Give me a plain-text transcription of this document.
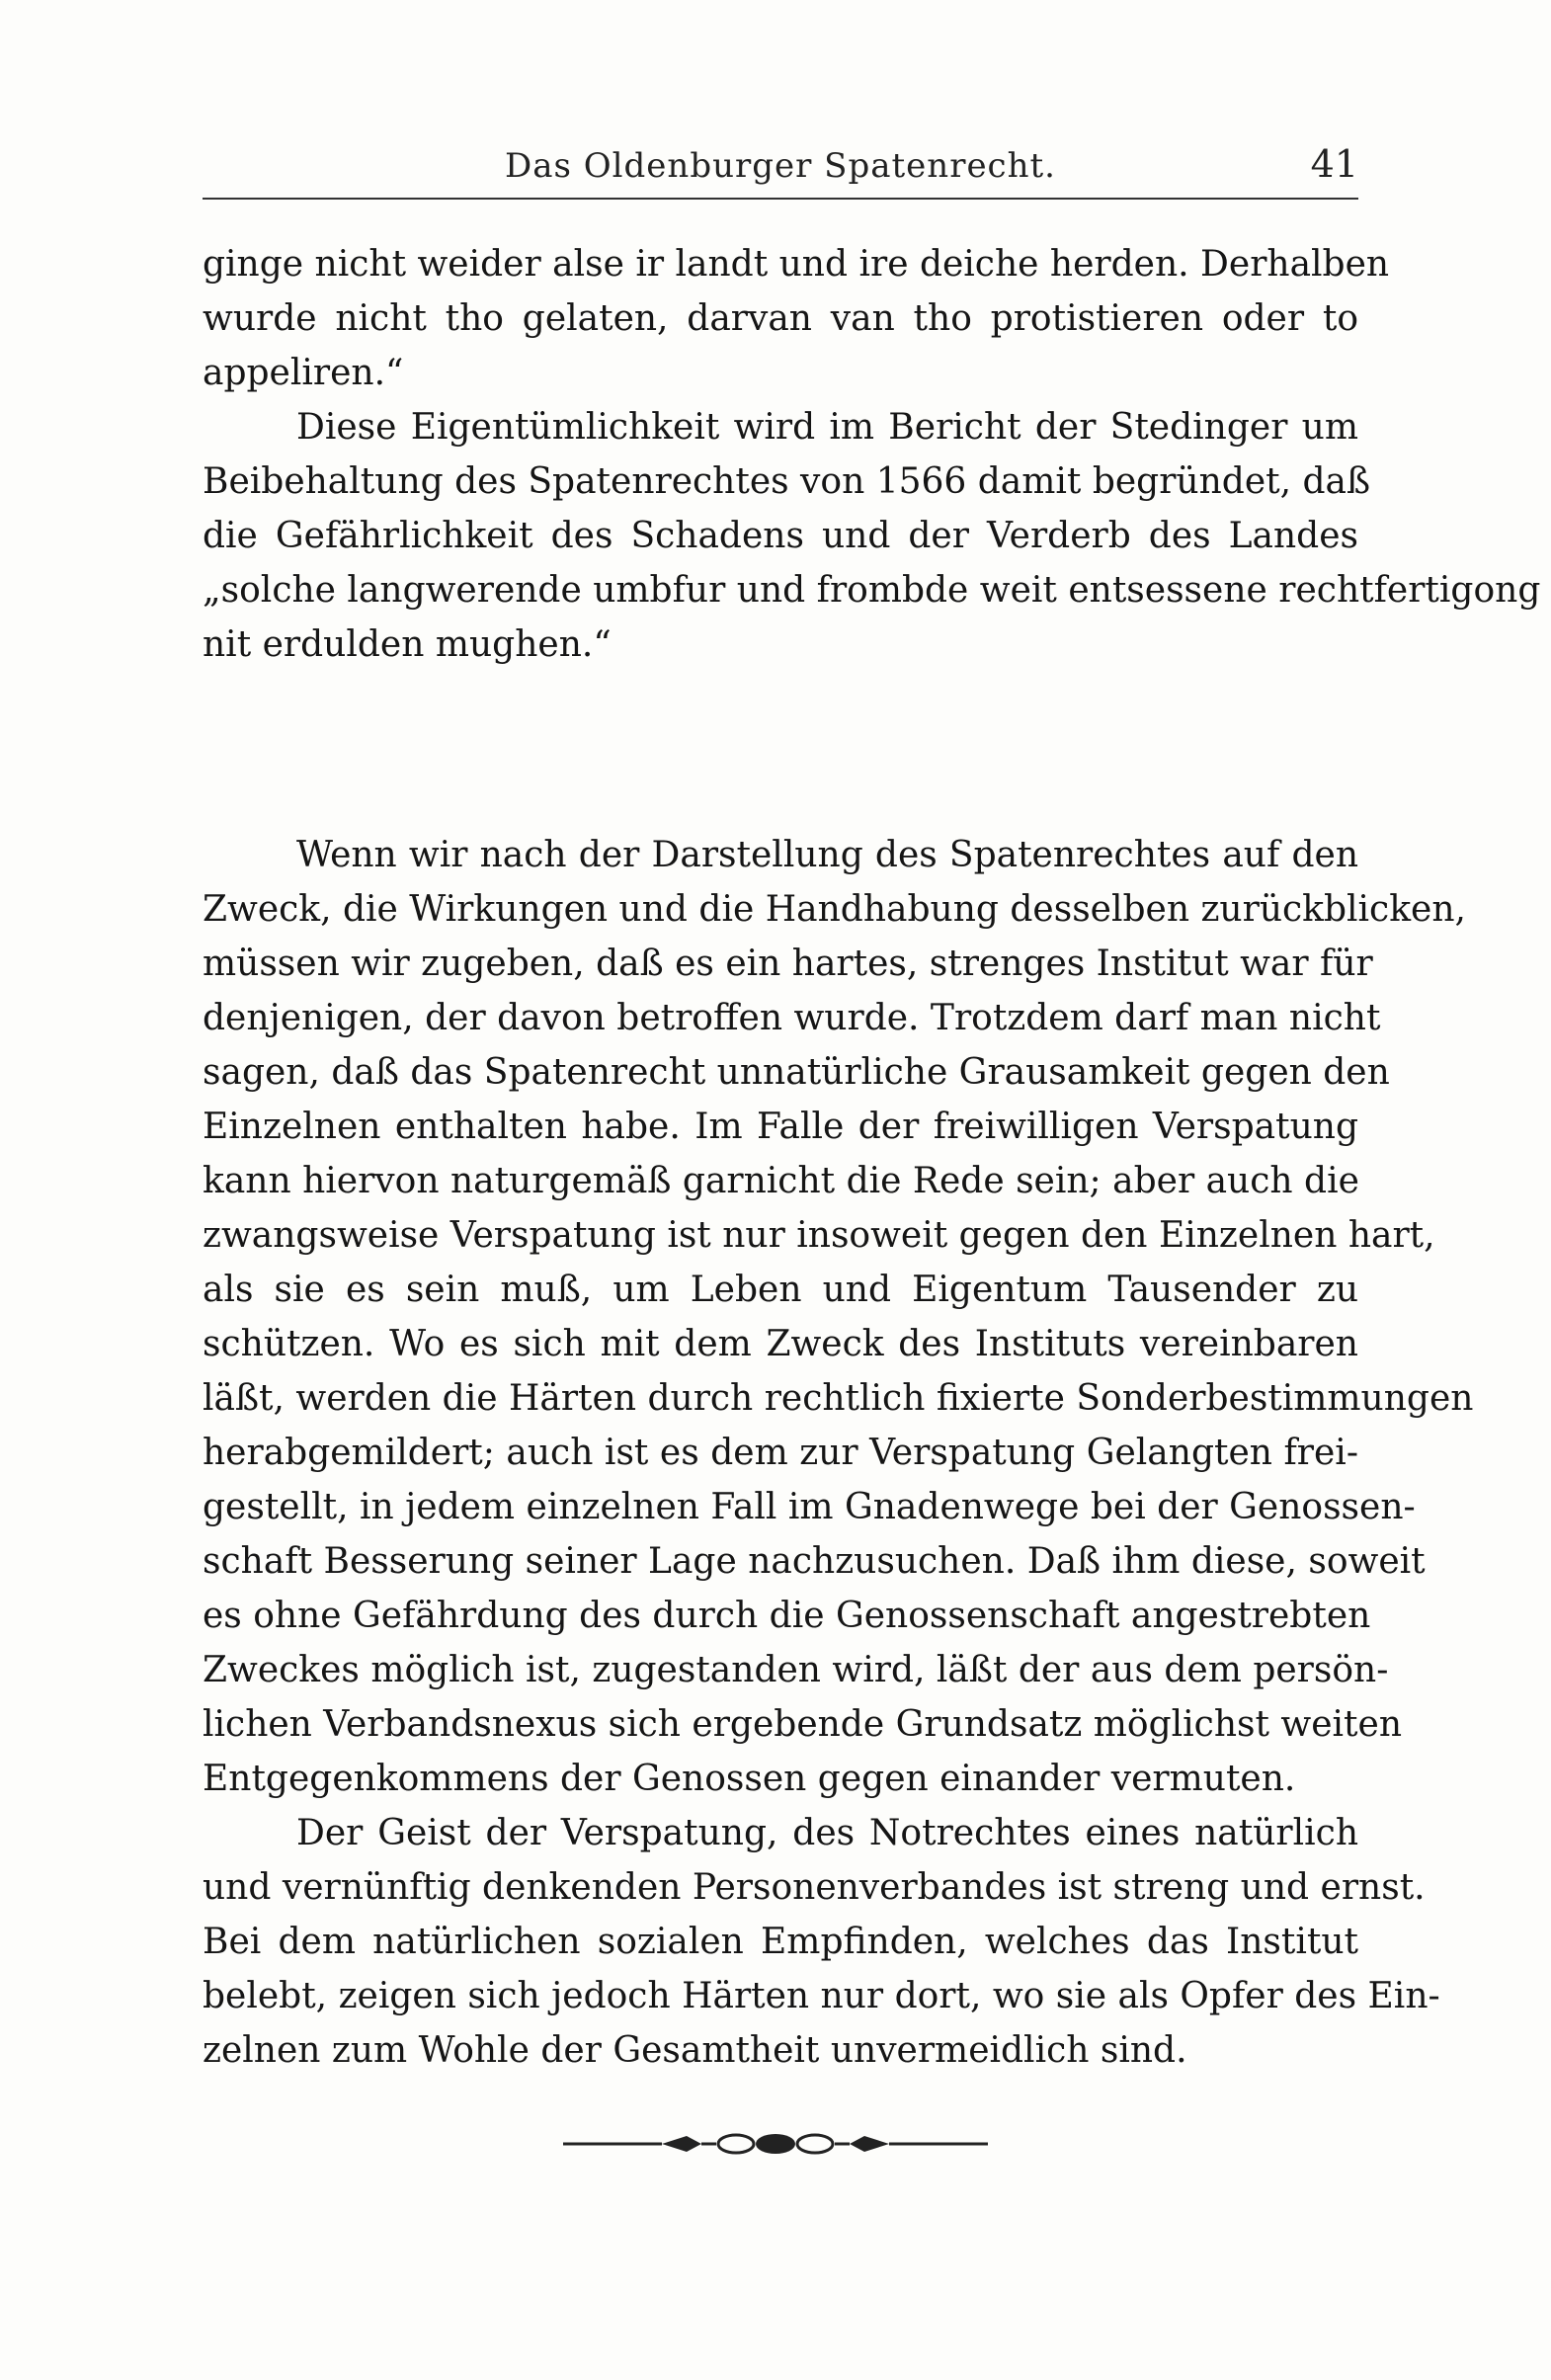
Das Oldenburger Spatenrecht.	41
ginge nicht weider alse ir landt und ire deiche herden. Derhalben
wurde nicht tho gelaten, darvan van tho protistieren oder to
appeliren.“
Diese Eigentümlichkeit wird im Bericht der Stedinger um
Beibehaltung des Spatenrechtes von 1566 damit begründet, daß
die Gefährlichkeit des Schadens und der Verderb des Landes
„solche langwerende umbfur und frombde weit entsessene rechtfertigong
nit erdulden mughen.“
Wenn wir nach der Darstellung des Spatenrechtes auf den
Zweck, die Wirkungen und die Handhabung desselben zurückblicken,
müssen wir zugeben, daß es ein hartes, strenges Institut war für
denjenigen, der davon betroffen wurde. Trotzdem darf man nicht
sagen, daß das Spatenrecht unnatürliche Grausamkeit gegen den
Einzelnen enthalten habe. Im Falle der freiwilligen Verspatung
kann hiervon naturgemäß garnicht die Rede sein; aber auch die
zwangsweise Verspatung ist nur insoweit gegen den Einzelnen hart,
als sie es sein muß, um Leben und Eigentum Tausender zu
schützen. Wo es sich mit dem Zweck des Instituts vereinbaren
läßt, werden die Härten durch rechtlich fixierte Sonderbestimmungen
herabgemildert; auch ist es dem zur Verspatung Gelangten frei-
gestellt, in jedem einzelnen Fall im Gnadenwege bei der Genossen-
schaft Besserung seiner Lage nachzusuchen. Daß ihm diese, soweit
es ohne Gefährdung des durch die Genossenschaft angestrebten
Zweckes möglich ist, zugestanden wird, läßt der aus dem persön-
lichen Verbandsnexus sich ergebende Grundsatz möglichst weiten
Entgegenkommens der Genossen gegen einander vermuten.
Der Geist der Verspatung, des Notrechtes eines natürlich
und vernünftig denkenden Personenverbandes ist streng und ernst.
Bei dem natürlichen sozialen Empfinden, welches das Institut
belebt, zeigen sich jedoch Härten nur dort, wo sie als Opfer des Ein-
zelnen zum Wohle der Gesamtheit unvermeidlich sind.
